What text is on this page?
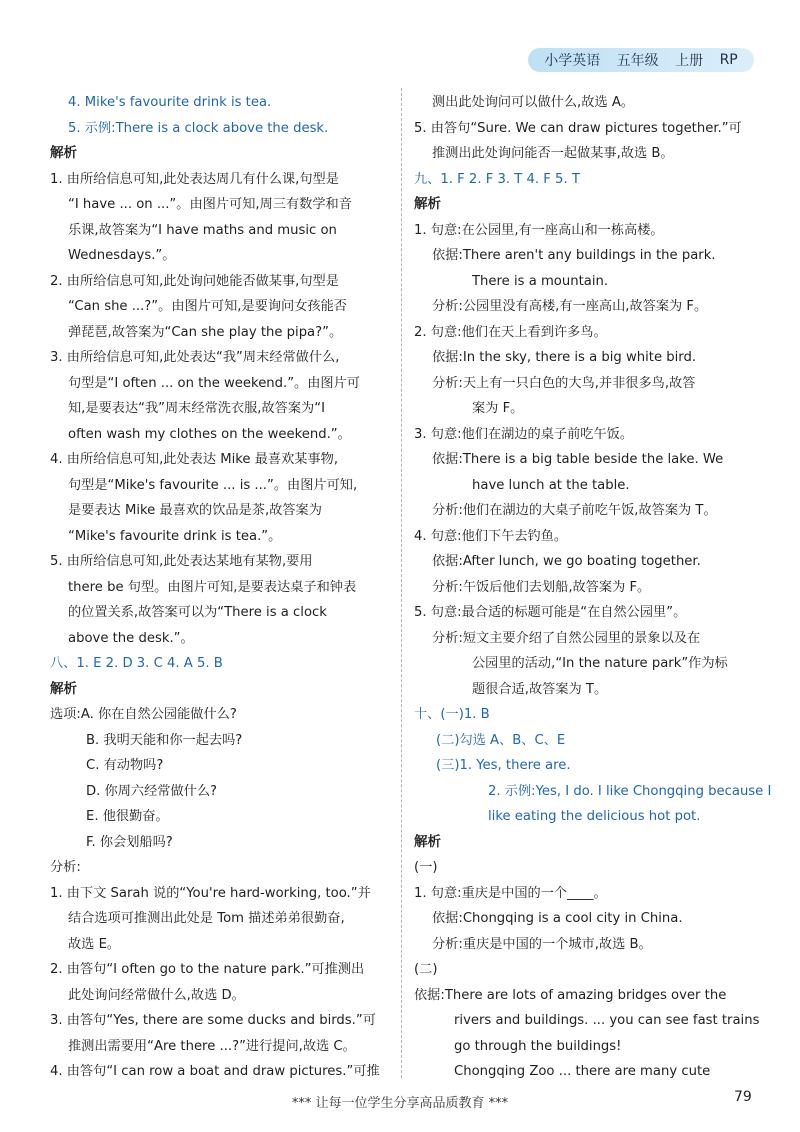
小学英语 五年级 上册 RP
4. Mike's favourite drink is tea.
5. 示例:There is a clock above the desk.
解析
1. 由所给信息可知,此处表达周几有什么课,句型是
“I have ... on ...”。由图片可知,周三有数学和音
乐课,故答案为“I have maths and music on
Wednesdays.”。
2. 由所给信息可知,此处询问她能否做某事,句型是
“Can she ...?”。由图片可知,是要询问女孩能否
弹琵琶,故答案为“Can she play the pipa?”。
3. 由所给信息可知,此处表达“我”周末经常做什么,
句型是“I often ... on the weekend.”。由图片可
知,是要表达“我”周末经常洗衣服,故答案为“I
often wash my clothes on the weekend.”。
4. 由所给信息可知,此处表达 Mike 最喜欢某事物,
句型是“Mike's favourite ... is ...”。由图片可知,
是要表达 Mike 最喜欢的饮品是茶,故答案为
“Mike's favourite drink is tea.”。
5. 由所给信息可知,此处表达某地有某物,要用
there be 句型。由图片可知,是要表达桌子和钟表
的位置关系,故答案可以为“There is a clock
above the desk.”。
八、1. E 2. D 3. C 4. A 5. B
解析
选项:A. 你在自然公园能做什么?
B. 我明天能和你一起去吗?
C. 有动物吗?
D. 你周六经常做什么?
E. 他很勤奋。
F. 你会划船吗?
分析:
1. 由下文 Sarah 说的“You're hard-working, too.”并
结合选项可推测出此处是 Tom 描述弟弟很勤奋,
故选 E。
2. 由答句“I often go to the nature park.”可推测出
此处询问经常做什么,故选 D。
3. 由答句“Yes, there are some ducks and birds.”可
推测出需要用“Are there ...?”进行提问,故选 C。
4. 由答句“I can row a boat and draw pictures.”可推
测出此处询问可以做什么,故选 A。
5. 由答句“Sure. We can draw pictures together.”可
推测出此处询问能否一起做某事,故选 B。
九、1. F 2. F 3. T 4. F 5. T
解析
1. 句意:在公园里,有一座高山和一栋高楼。
依据:There aren't any buildings in the park.
There is a mountain.
分析:公园里没有高楼,有一座高山,故答案为 F。
2. 句意:他们在天上看到许多鸟。
依据:In the sky, there is a big white bird.
分析:天上有一只白色的大鸟,并非很多鸟,故答
案为 F。
3. 句意:他们在湖边的桌子前吃午饭。
依据:There is a big table beside the lake. We
have lunch at the table.
分析:他们在湖边的大桌子前吃午饭,故答案为 T。
4. 句意:他们下午去钓鱼。
依据:After lunch, we go boating together.
分析:午饭后他们去划船,故答案为 F。
5. 句意:最合适的标题可能是“在自然公园里”。
分析:短文主要介绍了自然公园里的景象以及在
公园里的活动,“In the nature park”作为标
题很合适,故答案为 T。
十、(一)1. B
(二)勾选 A、B、C、E
(三)1. Yes, there are.
2. 示例:Yes, I do. I like Chongqing because I
like eating the delicious hot pot.
解析
(一)
1. 句意:重庆是中国的一个____。
依据:Chongqing is a cool city in China.
分析:重庆是中国的一个城市,故选 B。
(二)
依据:There are lots of amazing bridges over the
rivers and buildings. ... you can see fast trains
go through the buildings!
Chongqing Zoo ... there are many cute
*** 让每一位学生分享高品质教育 ***	79
